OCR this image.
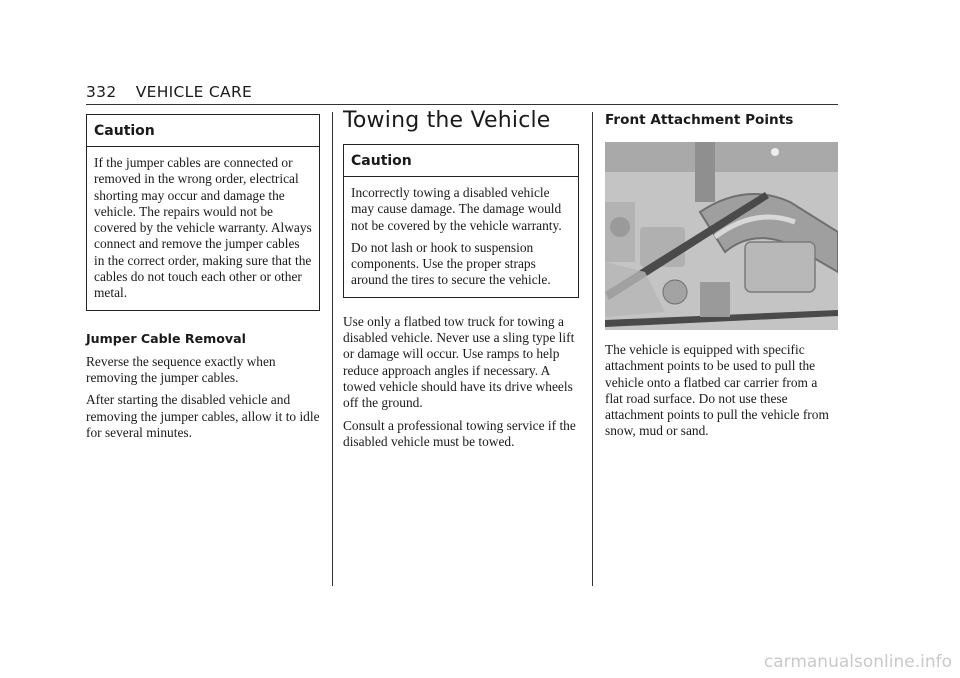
332 VEHICLE CARE
Caution

If the jumper cables are connected or removed in the wrong order, electrical shorting may occur and damage the vehicle. The repairs would not be covered by the vehicle warranty. Always connect and remove the jumper cables in the correct order, making sure that the cables do not touch each other or other metal.

Jumper Cable Removal

Reverse the sequence exactly when removing the jumper cables.

After starting the disabled vehicle and removing the jumper cables, allow it to idle for several minutes.

Towing the Vehicle
Caution

Incorrectly towing a disabled vehicle may cause damage. The damage would not be covered by the vehicle warranty.

Do not lash or hook to suspension components. Use the proper straps around the tires to secure the vehicle.

Use only a flatbed tow truck for towing a disabled vehicle. Never use a sling type lift or damage will occur. Use ramps to help reduce approach angles if necessary. A towed vehicle should have its drive wheels off the ground.

Consult a professional towing service if the disabled vehicle must be towed.

Front Attachment Points

The vehicle is equipped with specific attachment points to be used to pull the vehicle onto a flatbed car carrier from a flat road surface. Do not use these attachment points to pull the vehicle from snow, mud or sand.

carmanualsonline.info
